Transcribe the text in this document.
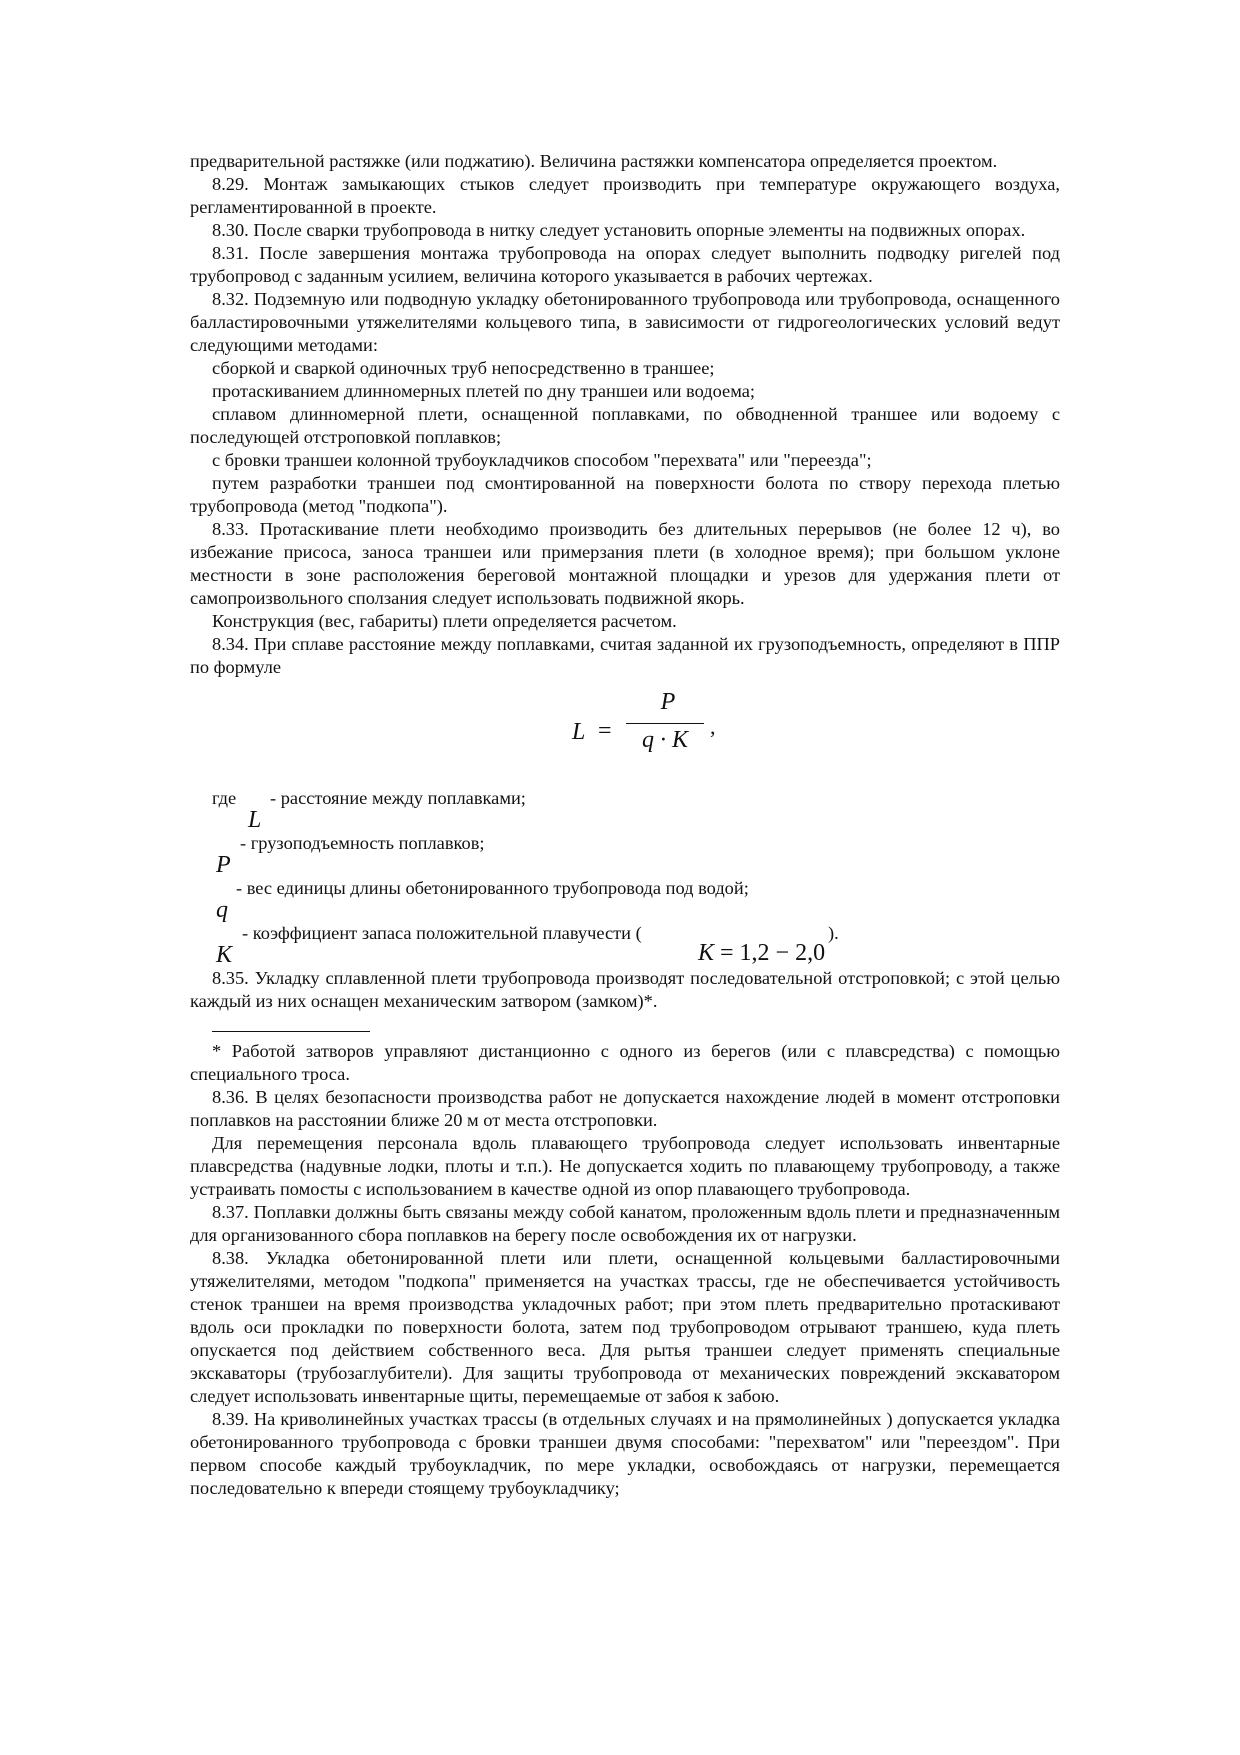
предварительной растяжке (или поджатию). Величина растяжки компенсатора определяется проектом.

8.29. Монтаж замыкающих стыков следует производить при температуре окружающего воздуха, регламентированной в проекте.

8.30. После сварки трубопровода в нитку следует установить опорные элементы на подвижных опорах.

8.31. После завершения монтажа трубопровода на опорах следует выполнить подводку ригелей под трубопровод с заданным усилием, величина которого указывается в рабочих чертежах.

8.32. Подземную или подводную укладку обетонированного трубопровода или трубопровода, оснащенного балластировочными утяжелителями кольцевого типа, в зависимости от гидрогеологических условий ведут следующими методами:

сборкой и сваркой одиночных труб непосредственно в траншее;

протаскиванием длинномерных плетей по дну траншеи или водоема;

сплавом длинномерной плети, оснащенной поплавками, по обводненной траншее или водоему с последующей отстроповкой поплавков;

с бровки траншеи колонной трубоукладчиков способом "перехвата" или "переезда";

путем разработки траншеи под смонтированной на поверхности болота по створу перехода плетью трубопровода (метод "подкопа").

8.33. Протаскивание плети необходимо производить без длительных перерывов (не более 12 ч), во избежание присоса, заноса траншеи или примерзания плети (в холодное время); при большом уклоне местности в зоне расположения береговой монтажной площадки и урезов для удержания плети от самопроизвольного сползания следует использовать подвижной якорь.

Конструкция (вес, габариты) плети определяется расчетом.

8.34. При сплаве расстояние между поплавками, считая заданной их грузоподъемность, определяют в ППР по формуле

L =
P
q · K
,
где
L
- расстояние между поплавками;
P
- грузоподъемность поплавков;
q
- вес единицы длины обетонированного трубопровода под водой;
K
- коэффициент запаса положительной плавучести (
K = 1,2 − 2,0
).

8.35. Укладку сплавленной плети трубопровода производят последовательной отстроповкой; с этой целью каждый из них оснащен механическим затвором (замком)*.

* Работой затворов управляют дистанционно с одного из берегов (или с плавсредства) с помощью специального троса.

8.36. В целях безопасности производства работ не допускается нахождение людей в момент отстроповки поплавков на расстоянии ближе 20 м от места отстроповки.

Для перемещения персонала вдоль плавающего трубопровода следует использовать инвентарные плавсредства (надувные лодки, плоты и т.п.). Не допускается ходить по плавающему трубопроводу, а также устраивать помосты с использованием в качестве одной из опор плавающего трубопровода.

8.37. Поплавки должны быть связаны между собой канатом, проложенным вдоль плети и предназначенным для организованного сбора поплавков на берегу после освобождения их от нагрузки.

8.38. Укладка обетонированной плети или плети, оснащенной кольцевыми балластировочными утяжелителями, методом "подкопа" применяется на участках трассы, где не обеспечивается устойчивость стенок траншеи на время производства укладочных работ; при этом плеть предварительно протаскивают вдоль оси прокладки по поверхности болота, затем под трубопроводом отрывают траншею, куда плеть опускается под действием собственного веса. Для рытья траншеи следует применять специальные экскаваторы (трубозаглубители). Для защиты трубопровода от механических повреждений экскаватором следует использовать инвентарные щиты, перемещаемые от забоя к забою.

8.39. На криволинейных участках трассы (в отдельных случаях и на прямолинейных ) допускается укладка обетонированного трубопровода с бровки траншеи двумя способами: "перехватом" или "переездом". При первом способе каждый трубоукладчик, по мере укладки, освобождаясь от нагрузки, перемещается последовательно к впереди стоящему трубоукладчику;
